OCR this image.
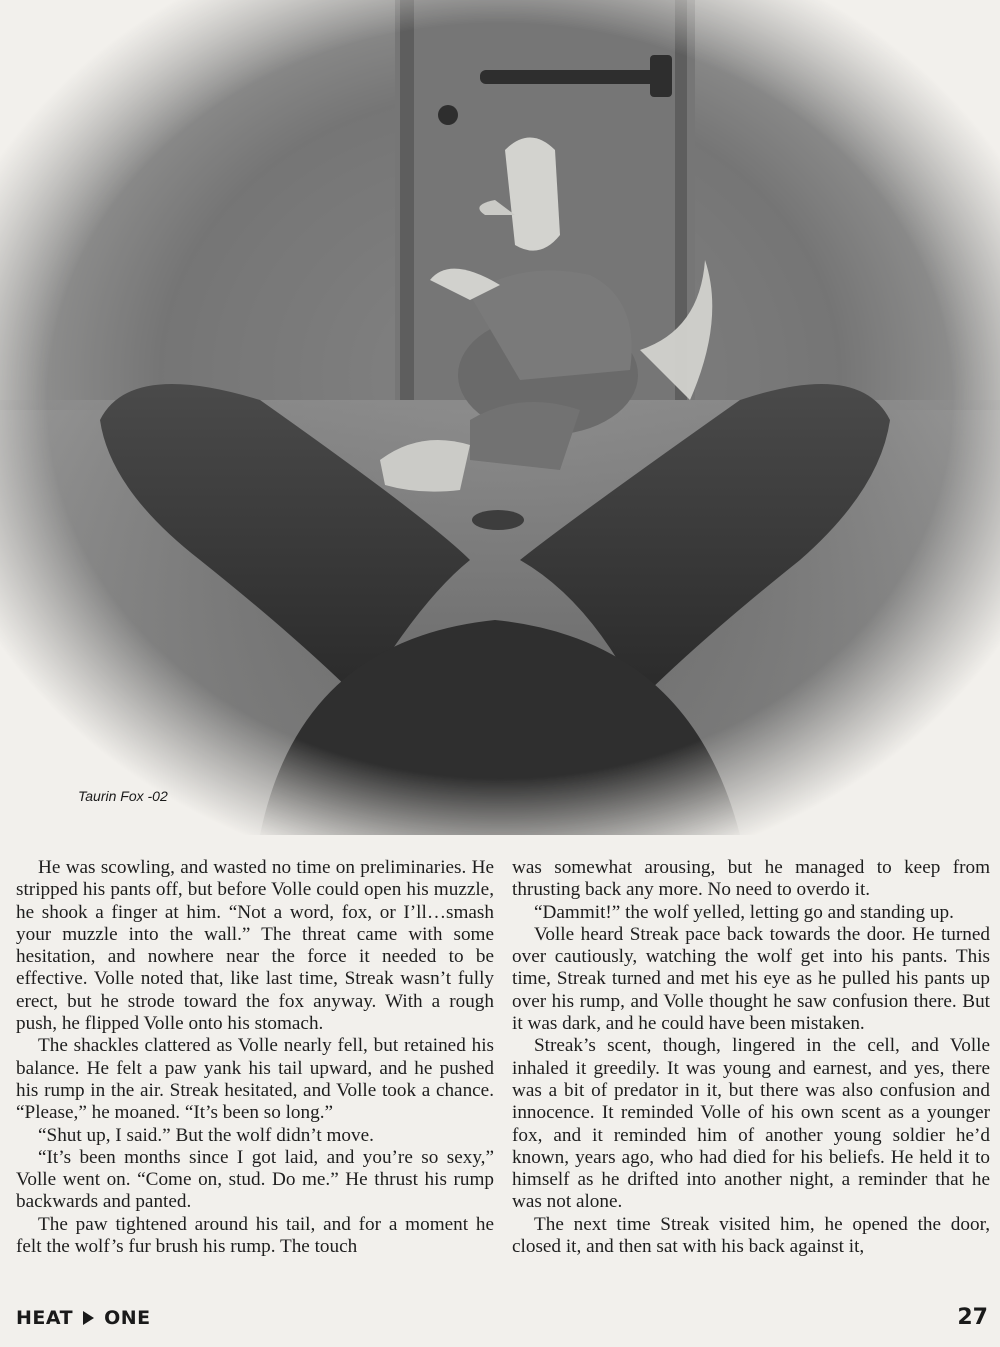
Taurin Fox -02

He was scowling, and wasted no time on preliminaries. He stripped his pants off, but before Volle could open his muzzle, he shook a finger at him. “Not a word, fox, or I’ll…smash your muzzle into the wall.” The threat came with some hesitation, and nowhere near the force it needed to be effective. Volle noted that, like last time, Streak wasn’t fully erect, but he strode toward the fox anyway. With a rough push, he flipped Volle onto his stomach.

The shackles clattered as Volle nearly fell, but retained his balance. He felt a paw yank his tail upward, and he pushed his rump in the air. Streak hesitated, and Volle took a chance. “Please,” he moaned. “It’s been so long.”

“Shut up, I said.” But the wolf didn’t move.

“It’s been months since I got laid, and you’re so sexy,” Volle went on. “Come on, stud. Do me.” He thrust his rump backwards and panted.

The paw tightened around his tail, and for a moment he felt the wolf’s fur brush his rump. The touch

was somewhat arousing, but he managed to keep from thrusting back any more. No need to overdo it.

“Dammit!” the wolf yelled, letting go and standing up.

Volle heard Streak pace back towards the door. He turned over cautiously, watching the wolf get into his pants. This time, Streak turned and met his eye as he pulled his pants up over his rump, and Volle thought he saw confusion there. But it was dark, and he could have been mistaken.

Streak’s scent, though, lingered in the cell, and Volle inhaled it greedily. It was young and earnest, and yes, there was a bit of predator in it, but there was also confusion and innocence. It reminded Volle of his own scent as a younger fox, and it reminded him of another young soldier he’d known, years ago, who had died for his beliefs. He held it to himself as he drifted into another night, a reminder that he was not alone.

The next time Streak visited him, he opened the door, closed it, and then sat with his back against it,

HEAT ONE	27
